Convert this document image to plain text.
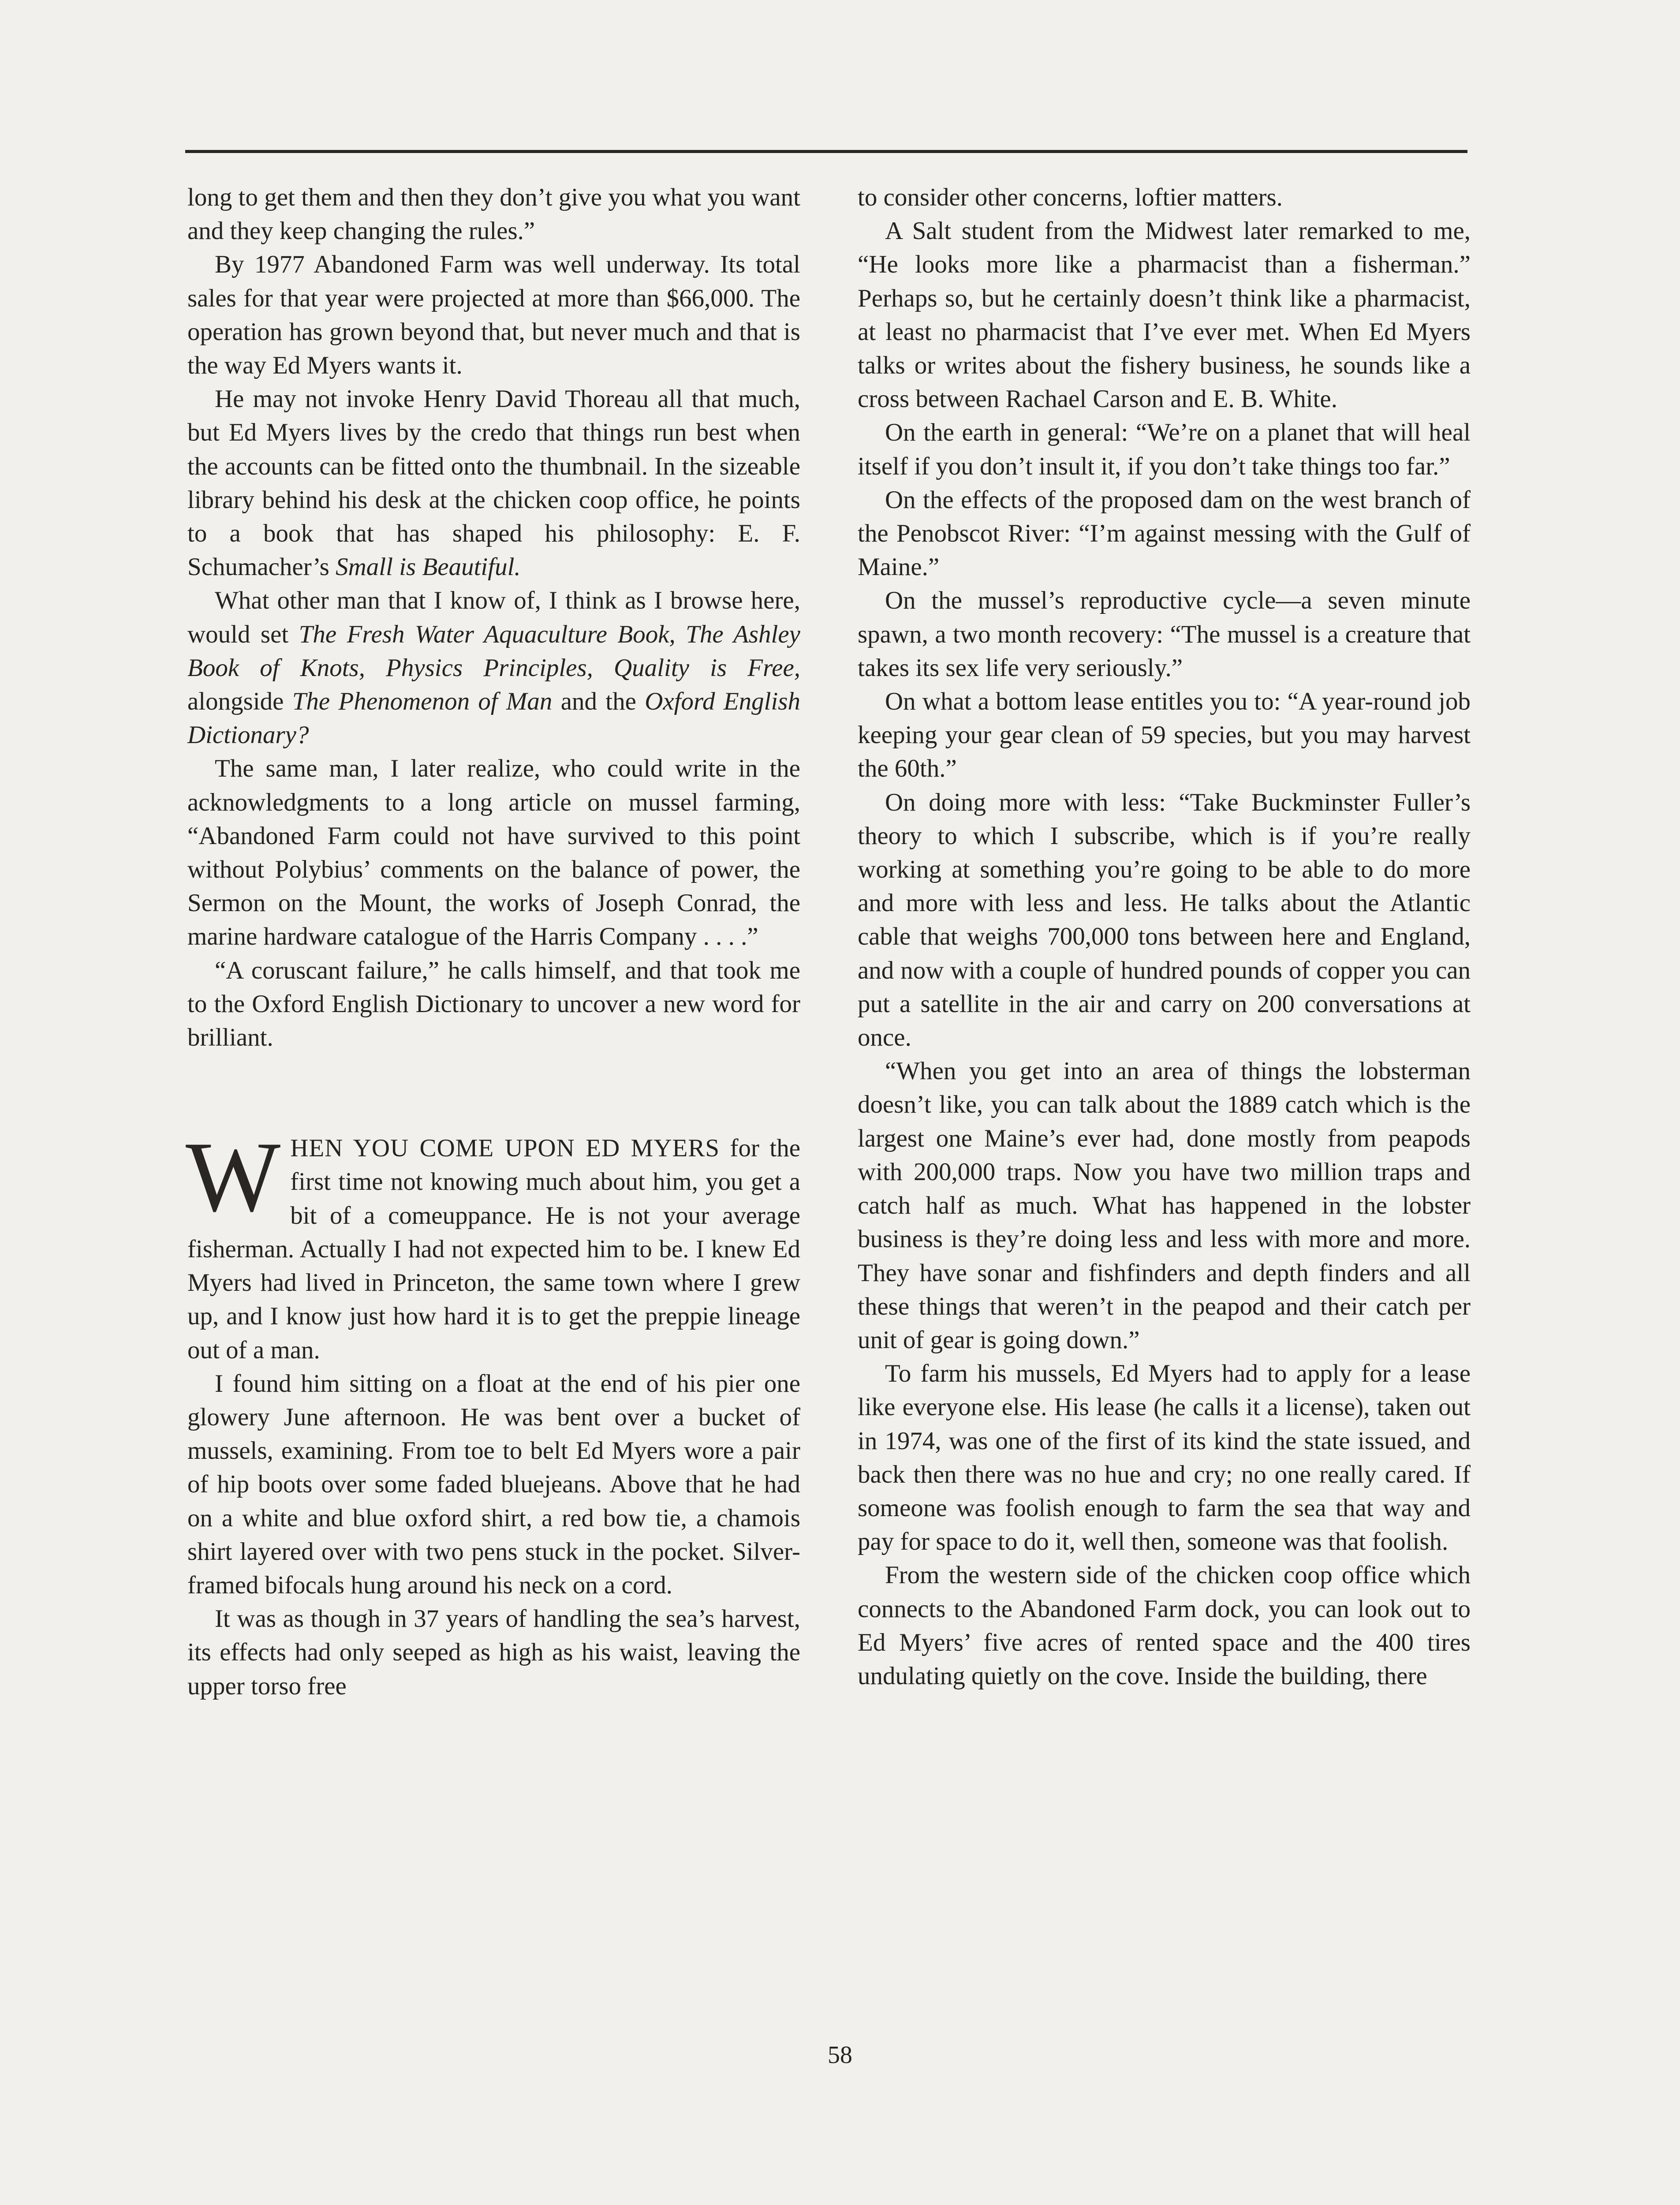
long to get them and then they don’t give you what you want and they keep changing the rules.”

By 1977 Abandoned Farm was well underway. Its total sales for that year were projected at more than $66,000. The operation has grown beyond that, but never much and that is the way Ed Myers wants it.

He may not invoke Henry David Thoreau all that much, but Ed Myers lives by the credo that things run best when the accounts can be fitted onto the thumbnail. In the sizeable library behind his desk at the chicken coop office, he points to a book that has shaped his philosophy: E. F. Schumacher’s Small is Beautiful.

What other man that I know of, I think as I browse here, would set The Fresh Water Aquaculture Book, The Ashley Book of Knots, Physics Principles, Quality is Free, alongside The Phenomenon of Man and the Oxford English Dictionary?

The same man, I later realize, who could write in the acknowledgments to a long article on mussel farming, “Abandoned Farm could not have survived to this point without Polybius’ comments on the balance of power, the Sermon on the Mount, the works of Joseph Conrad, the marine hardware catalogue of the Harris Company . . . .”

“A coruscant failure,” he calls himself, and that took me to the Oxford English Dictionary to uncover a new word for brilliant.

WHEN YOU COME UPON ED MYERS for the first time not knowing much about him, you get a bit of a comeuppance. He is not your average fisherman. Actually I had not expected him to be. I knew Ed Myers had lived in Princeton, the same town where I grew up, and I know just how hard it is to get the preppie lineage out of a man.

I found him sitting on a float at the end of his pier one glowery June afternoon. He was bent over a bucket of mussels, examining. From toe to belt Ed Myers wore a pair of hip boots over some faded bluejeans. Above that he had on a white and blue oxford shirt, a red bow tie, a chamois shirt layered over with two pens stuck in the pocket. Silver-framed bifocals hung around his neck on a cord.

It was as though in 37 years of handling the sea’s harvest, its effects had only seeped as high as his waist, leaving the upper torso free

to consider other concerns, loftier matters.

A Salt student from the Midwest later remarked to me, “He looks more like a pharmacist than a fisherman.” Perhaps so, but he certainly doesn’t think like a pharmacist, at least no pharmacist that I’ve ever met. When Ed Myers talks or writes about the fishery business, he sounds like a cross between Rachael Carson and E. B. White.

On the earth in general: “We’re on a planet that will heal itself if you don’t insult it, if you don’t take things too far.”

On the effects of the proposed dam on the west branch of the Penobscot River: “I’m against messing with the Gulf of Maine.”

On the mussel’s reproductive cycle—a seven minute spawn, a two month recovery: “The mussel is a creature that takes its sex life very seriously.”

On what a bottom lease entitles you to: “A year-round job keeping your gear clean of 59 species, but you may harvest the 60th.”

On doing more with less: “Take Buckminster Fuller’s theory to which I subscribe, which is if you’re really working at something you’re going to be able to do more and more with less and less. He talks about the Atlantic cable that weighs 700,000 tons between here and England, and now with a couple of hundred pounds of copper you can put a satellite in the air and carry on 200 conversations at once.

“When you get into an area of things the lobsterman doesn’t like, you can talk about the 1889 catch which is the largest one Maine’s ever had, done mostly from peapods with 200,000 traps. Now you have two million traps and catch half as much. What has happened in the lobster business is they’re doing less and less with more and more. They have sonar and fishfinders and depth finders and all these things that weren’t in the peapod and their catch per unit of gear is going down.”

To farm his mussels, Ed Myers had to apply for a lease like everyone else. His lease (he calls it a license), taken out in 1974, was one of the first of its kind the state issued, and back then there was no hue and cry; no one really cared. If someone was foolish enough to farm the sea that way and pay for space to do it, well then, someone was that foolish.

From the western side of the chicken coop office which connects to the Abandoned Farm dock, you can look out to Ed Myers’ five acres of rented space and the 400 tires undulating quietly on the cove. Inside the building, there

58
